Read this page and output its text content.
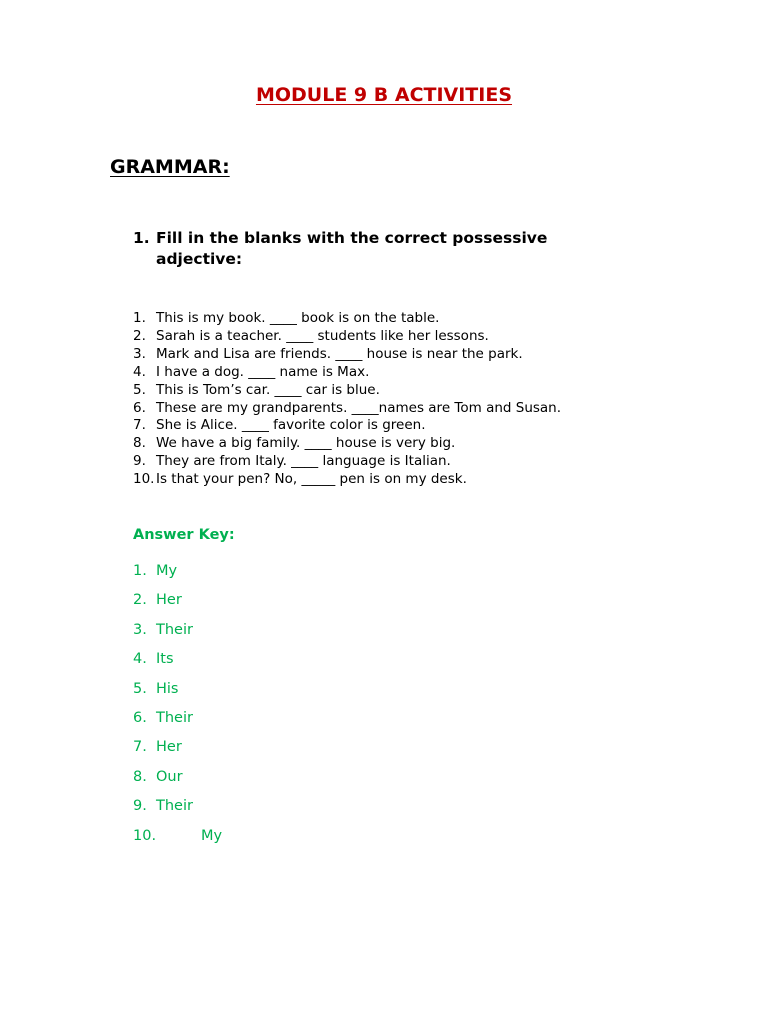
MODULE 9 B ACTIVITIES
GRAMMAR:
1. Fill in the blanks with the correct possessive adjective:
1. This is my book. ____ book is on the table.
2. Sarah is a teacher. ____ students like her lessons.
3. Mark and Lisa are friends. ____ house is near the park.
4. I have a dog. ____ name is Max.
5. This is Tom’s car. ____ car is blue.
6. These are my grandparents. ____names are Tom and Susan.
7. She is Alice. ____ favorite color is green.
8. We have a big family. ____ house is very big.
9. They are from Italy. ____ language is Italian.
10. Is that your pen? No, _____ pen is on my desk.
Answer Key:
1. My
2. Her
3. Their
4. Its
5. His
6. Their
7. Her
8. Our
9. Their
10.	My
